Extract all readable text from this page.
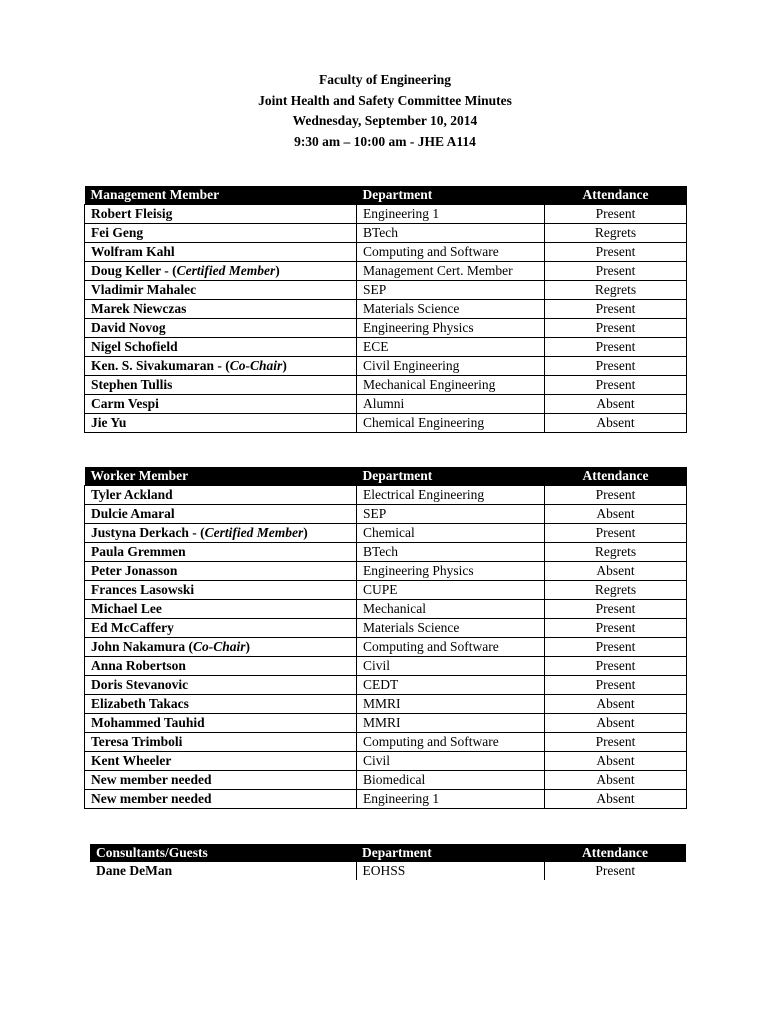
Faculty of Engineering
Joint Health and Safety Committee Minutes
Wednesday, September 10, 2014
9:30 am – 10:00 am - JHE A114
Management Member	Department	Attendance
Robert Fleisig	Engineering 1	Present
Fei Geng	BTech	Regrets
Wolfram Kahl	Computing and Software	Present
Doug Keller - (Certified Member)	Management Cert. Member	Present
Vladimir Mahalec	SEP	Regrets
Marek Niewczas	Materials Science	Present
David Novog	Engineering Physics	Present
Nigel Schofield	ECE	Present
Ken. S. Sivakumaran - (Co-Chair)	Civil Engineering	Present
Stephen Tullis	Mechanical Engineering	Present
Carm Vespi	Alumni	Absent
Jie Yu	Chemical Engineering	Absent
Worker Member	Department	Attendance
Tyler Ackland	Electrical Engineering	Present
Dulcie Amaral	SEP	Absent
Justyna Derkach - (Certified Member)	Chemical	Present
Paula Gremmen	BTech	Regrets
Peter Jonasson	Engineering Physics	Absent
Frances Lasowski	CUPE	Regrets
Michael Lee	Mechanical	Present
Ed McCaffery	Materials Science	Present
John Nakamura (Co-Chair)	Computing and Software	Present
Anna Robertson	Civil	Present
Doris Stevanovic	CEDT	Present
Elizabeth Takacs	MMRI	Absent
Mohammed Tauhid	MMRI	Absent
Teresa Trimboli	Computing and Software	Present
Kent Wheeler	Civil	Absent
New member needed	Biomedical	Absent
New member needed	Engineering 1	Absent
Consultants/Guests	Department	Attendance
Dane DeMan	EOHSS	Present
